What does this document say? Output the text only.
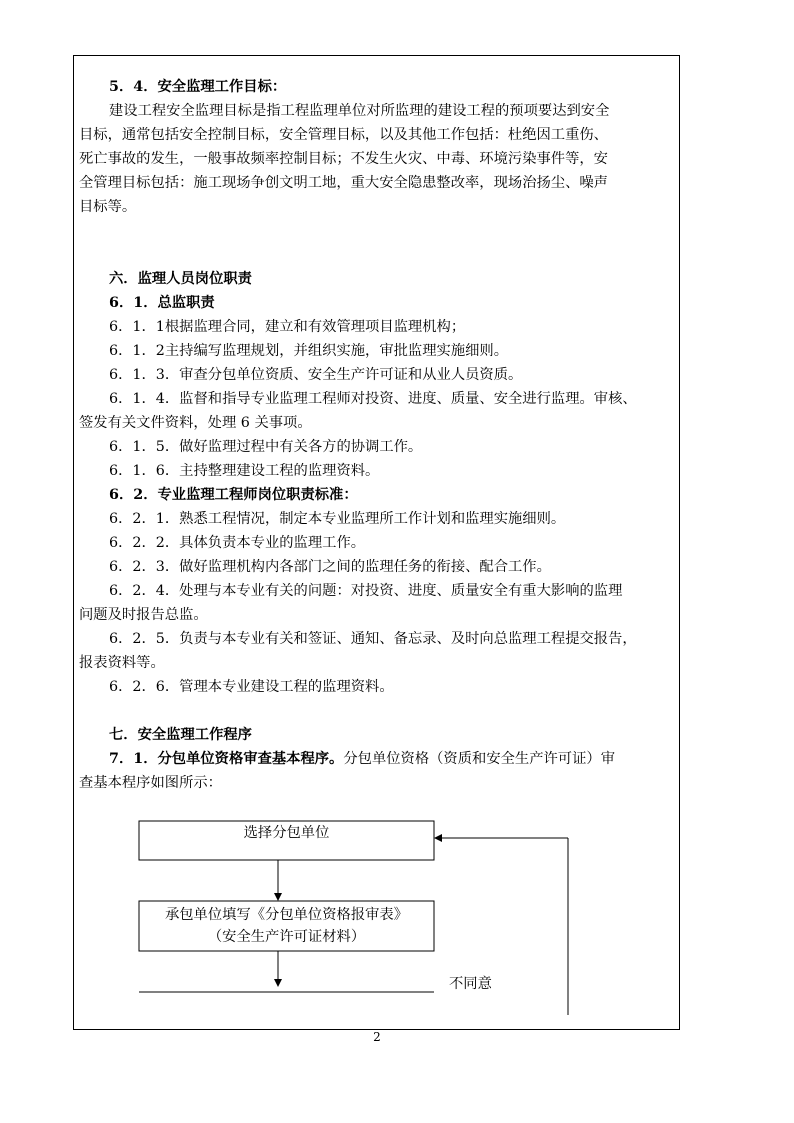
5．4．安全监理工作目标：
建设工程安全监理目标是指工程监理单位对所监理的建设工程的预项要达到安全
目标，通常包括安全控制目标，安全管理目标，以及其他工作包括：杜绝因工重伤、
死亡事故的发生，一般事故频率控制目标；不发生火灾、中毒、环境污染事件等，安
全管理目标包括：施工现场争创文明工地，重大安全隐患整改率，现场治扬尘、噪声
目标等。
六．监理人员岗位职责
6．1．总监职责
6．1．1根据监理合同，建立和有效管理项目监理机构；
6．1．2主持编写监理规划，并组织实施，审批监理实施细则。
6．1．3．审查分包单位资质、安全生产许可证和从业人员资质。
6．1．4．监督和指导专业监理工程师对投资、进度、质量、安全进行监理。审核、
签发有关文件资料，处理 6 关事项。
6．1．5．做好监理过程中有关各方的协调工作。
6．1．6．主持整理建设工程的监理资料。
6．2．专业监理工程师岗位职责标准：
6．2．1．熟悉工程情况，制定本专业监理所工作计划和监理实施细则。
6．2．2．具体负责本专业的监理工作。
6．2．3．做好监理机构内各部门之间的监理任务的衔接、配合工作。
6．2．4．处理与本专业有关的问题：对投资、进度、质量安全有重大影响的监理
问题及时报告总监。
6．2．5．负责与本专业有关和签证、通知、备忘录、及时向总监理工程提交报告，
报表资料等。
6．2．6．管理本专业建设工程的监理资料。
七．安全监理工作程序
7．1．分包单位资格审查基本程序。分包单位资格（资质和安全生产许可证）审
查基本程序如图所示：
选择分包单位
承包单位填写《分包单位资格报审表》
（安全生产许可证材料）
不同意
2
